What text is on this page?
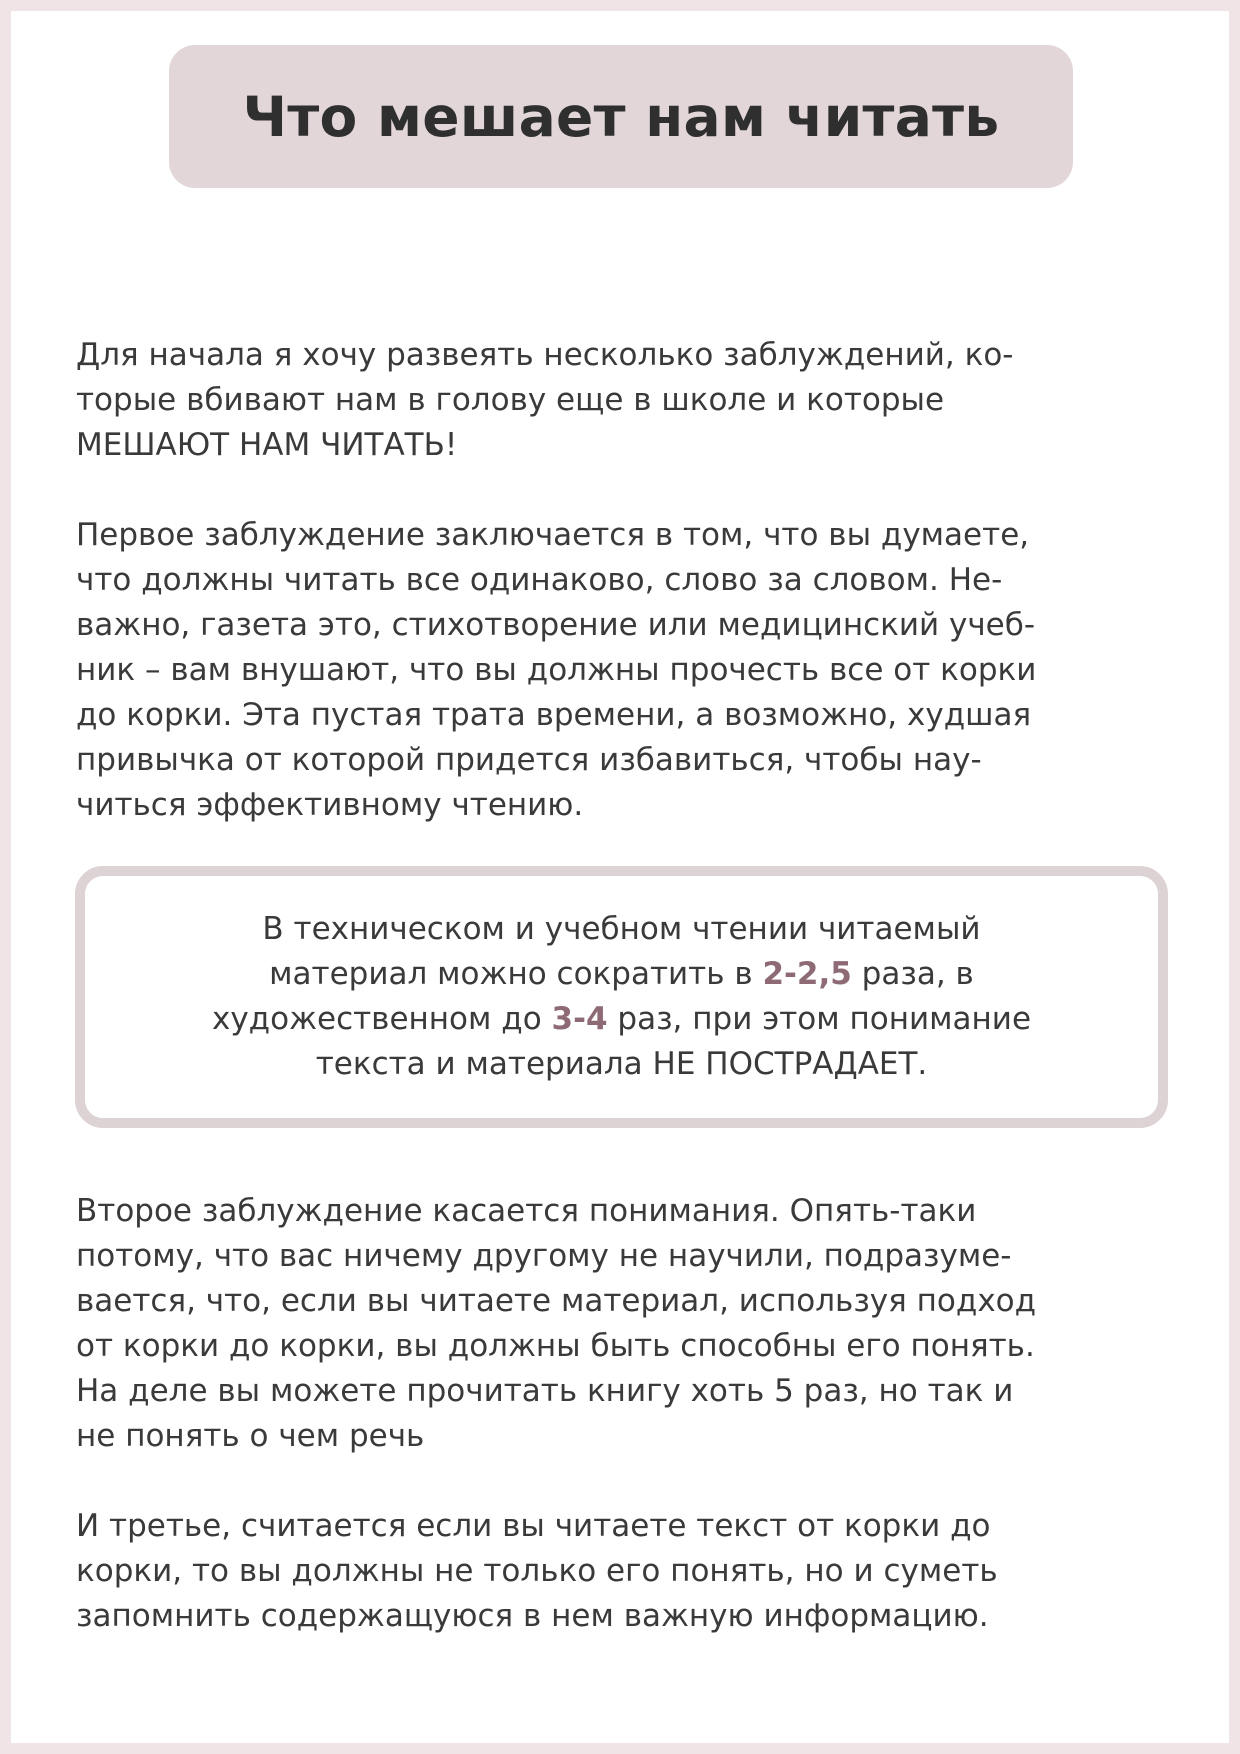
Что мешает нам читать

Для начала я хочу развеять несколько заблуждений, ко-
торые вбивают нам в голову еще в школе и которые
МЕШАЮТ НАМ ЧИТАТЬ!

Первое заблуждение заключается в том, что вы думаете,
что должны читать все одинаково, слово за словом. Не-
важно, газета это, стихотворение или медицинский учеб-
ник – вам внушают, что вы должны прочесть все от корки
до корки. Эта пустая трата времени, а возможно, худшая
привычка от которой придется избавиться, чтобы нау-
читься эффективному чтению.

В техническом и учебном чтении читаемый
материал можно сократить в 2-2,5 раза, в
художественном до 3-4 раз, при этом понимание
текста и материала НЕ ПОСТРАДАЕТ.

Второе заблуждение касается понимания. Опять-таки
потому, что вас ничему другому не научили, подразуме-
вается, что, если вы читаете материал, используя подход
от корки до корки, вы должны быть способны его понять.
На деле вы можете прочитать книгу хоть 5 раз, но так и
не понять о чем речь

И третье, считается если вы читаете текст от корки до
корки, то вы должны не только его понять, но и суметь
запомнить содержащуюся в нем важную информацию.
